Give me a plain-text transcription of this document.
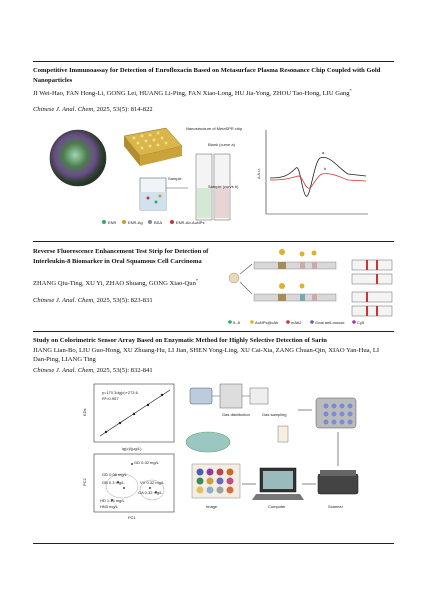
Competitive Immunoassay for Detection of Enrofloxacin Based on Metasurface Plasma Resonance Chip Coupled with Gold Nanoparticles
JI Wei-Hao, FAN Hong-Li, GONG Lei, HUANG Li-Ping, FAN Xiao-Long, HU Jia-Yong, ZHOU Tao-Hong, LIU Gang*
Chinese J. Anal. Chem, 2025, 53(5): 814-822
Nanostructure of MetaSPR chip
Sample
Blank (curve a)
Sample (curve b)
a
b
Δ A.u.
ENR	ENR-Ag	BSA	ENR-Ab-AuNPs
Reverse Fluorescence Enhancement Test Strip for Detection of Interleukin-8 Biomarker in Oral Squamous Cell Carcinoma
ZHANG Qiu-Ting, XU Yi, ZHAO Shuang, GONG Xiao-Qun*
Chinese J. Anal. Chem, 2025, 53(5): 823-831
IL-8	AuNPs@cAb	mAb2	Goat anti-mouse	Cy5
Study on Colorimetric Sensor Array Based on Enzymatic Method for Highly Selective Detection of Sarin
JIANG Lian-Bo, LIU Guo-Hong, XU Zhuang-Hu, LI Jian, SHEN Yong-Ling, XU Cai-Xia, ZANG Chuan-Qin, XIAO Yan-Hua, LI Dan-Ping, LIANG Ting
Chinese J. Anal. Chem, 2025, 53(5): 832-841
y=170.3•lg(c)+273.6
R²=0.957
lg(c)/(μg/L)
EDs
GD 0.32 mg/L
GD 0.06 mg/L
GB 0.3 mg/L	VX 0.32 mg/L
GA 0.32 mg/L
HD 1.16 mg/L
HN3 mg/L
PC1
PC2
Gas distribution	Gas sampling
Image	Computer	Scanner
